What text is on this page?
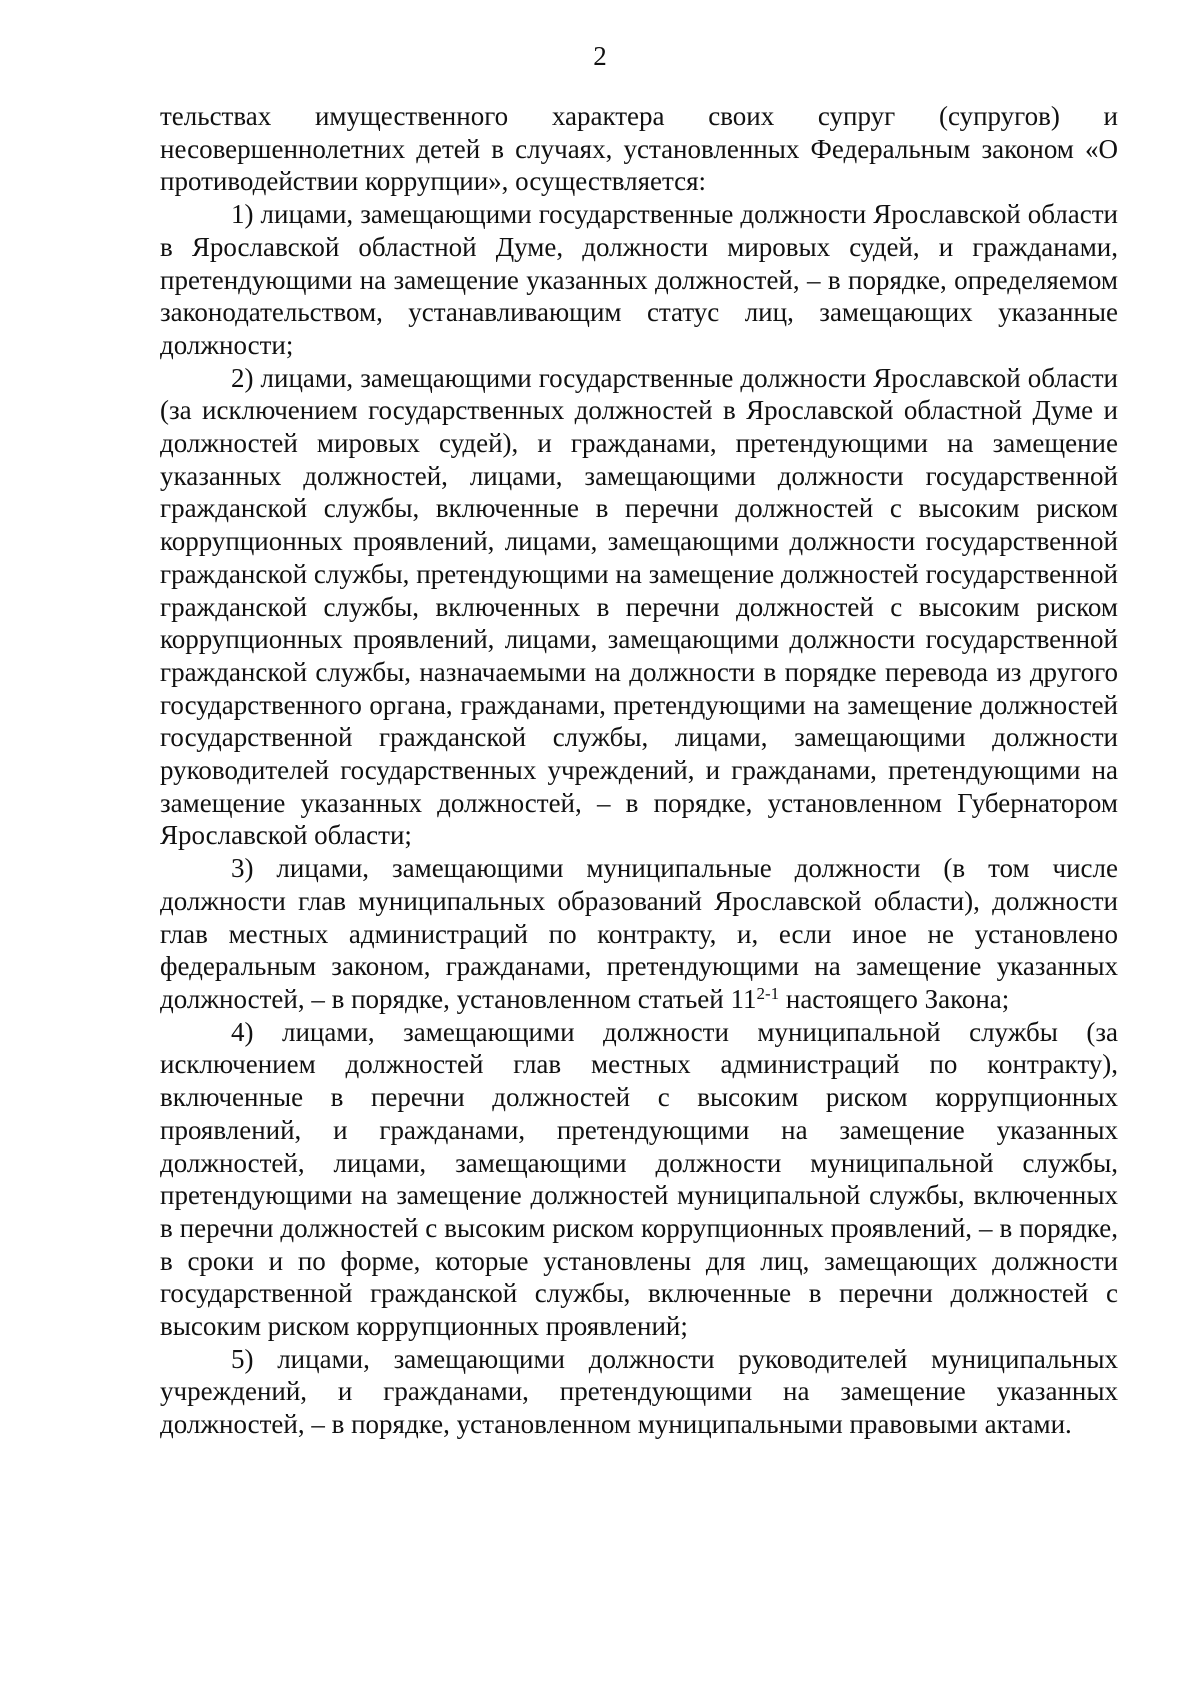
2

тельствах имущественного характера своих супруг (супругов) и несовершеннолетних детей в случаях, установленных Федеральным законом «О противодействии коррупции», осуществляется:

1) лицами, замещающими государственные должности Ярославской области в Ярославской областной Думе, должности мировых судей, и гражданами, претендующими на замещение указанных должностей, – в порядке, определяемом законодательством, устанавливающим статус лиц, замещающих указанные должности;

2) лицами, замещающими государственные должности Ярославской области (за исключением государственных должностей в Ярославской областной Думе и должностей мировых судей), и гражданами, претендующими на замещение указанных должностей, лицами, замещающими должности государственной гражданской службы, включенные в перечни должностей с высоким риском коррупционных проявлений, лицами, замещающими должности государственной гражданской службы, претендующими на замещение должностей государственной гражданской службы, включенных в перечни должностей с высоким риском коррупционных проявлений, лицами, замещающими должности государственной гражданской службы, назначаемыми на должности в порядке перевода из другого государственного органа, гражданами, претендующими на замещение должностей государственной гражданской службы, лицами, замещающими должности руководителей государственных учреждений, и гражданами, претендующими на замещение указанных должностей, – в порядке, установленном Губернатором Ярославской области;

3) лицами, замещающими муниципальные должности (в том числе должности глав муниципальных образований Ярославской области), должности глав местных администраций по контракту, и, если иное не установлено федеральным законом, гражданами, претендующими на замещение указанных должностей, – в порядке, установленном статьей 11$^{2-1}$ настоящего Закона;

4) лицами, замещающими должности муниципальной службы (за исключением должностей глав местных администраций по контракту), включенные в перечни должностей с высоким риском коррупционных проявлений, и гражданами, претендующими на замещение указанных должностей, лицами, замещающими должности муниципальной службы, претендующими на замещение должностей муниципальной службы, включенных в перечни должностей с высоким риском коррупционных проявлений, – в порядке, в сроки и по форме, которые установлены для лиц, замещающих должности государственной гражданской службы, включенные в перечни должностей с высоким риском коррупционных проявлений;

5) лицами, замещающими должности руководителей муниципальных учреждений, и гражданами, претендующими на замещение указанных должностей, – в порядке, установленном муниципальными правовыми актами.
